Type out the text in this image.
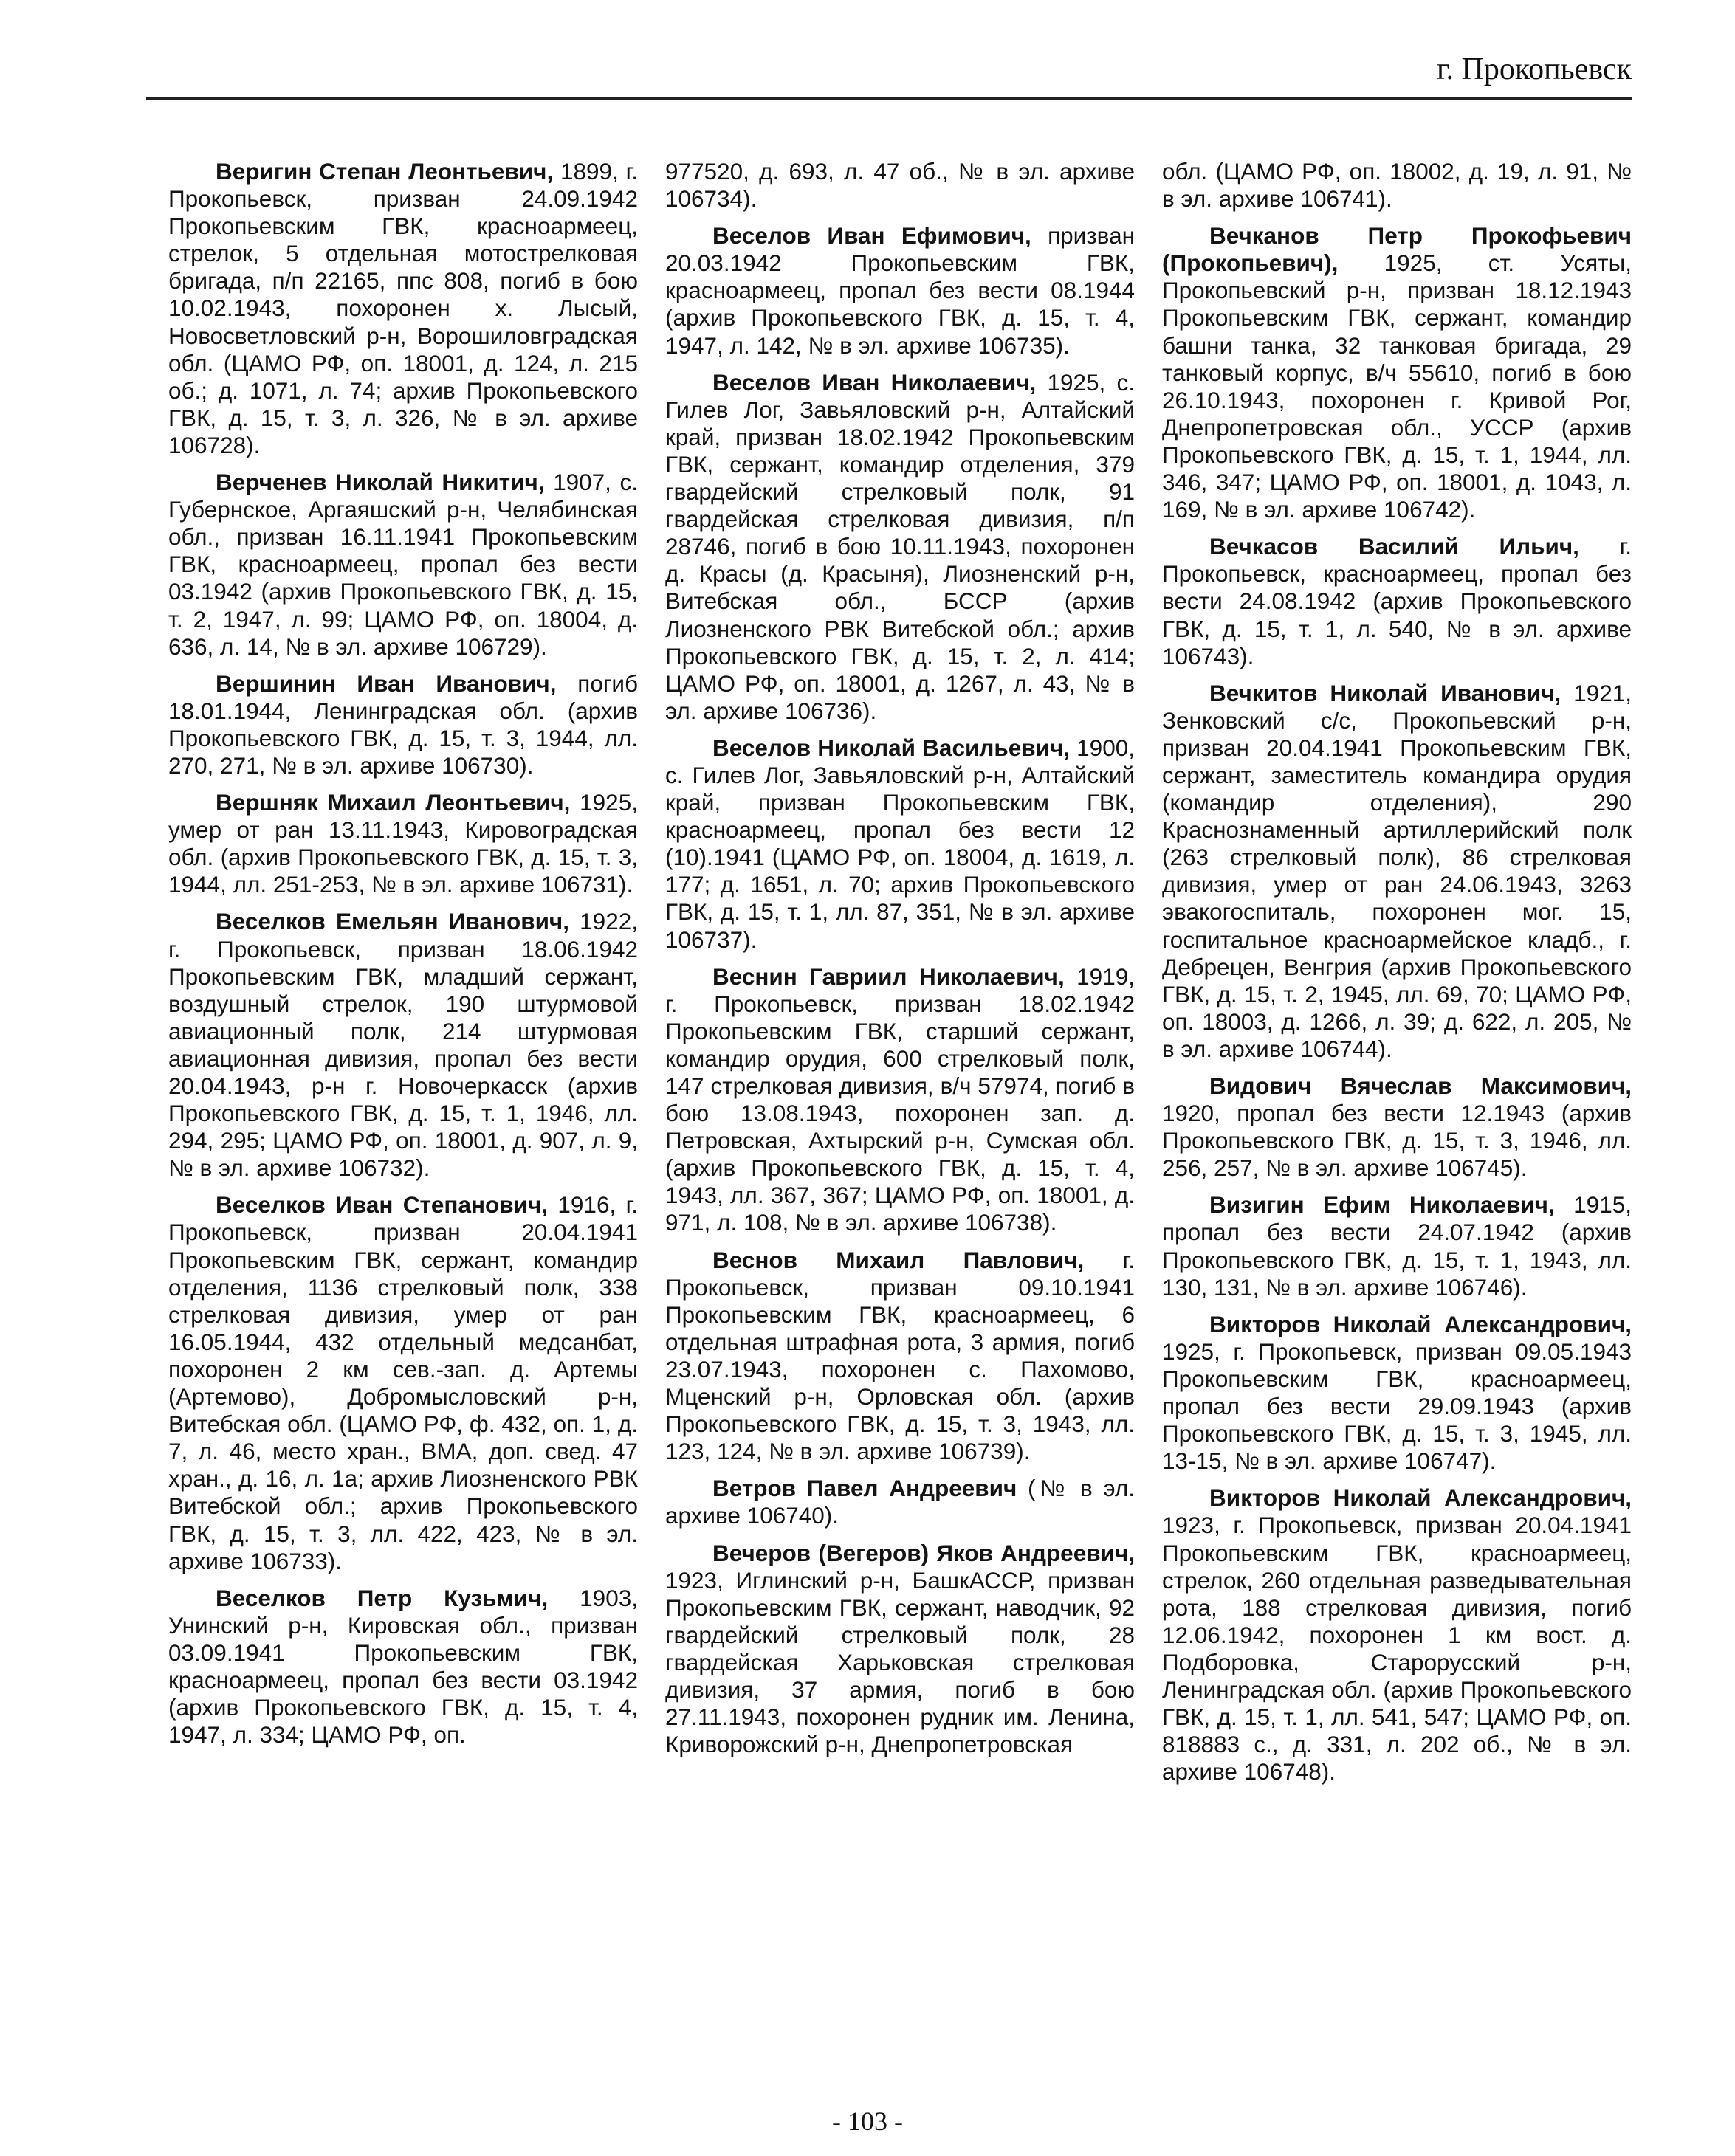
г. Прокопьевск

Веригин Степан Леонтьевич, 1899, г. Прокопьевск, призван 24.09.1942 Прокопьевским ГВК, красноармеец, стрелок, 5 отдельная мотострелковая бригада, п/п 22165, ппс 808, погиб в бою 10.02.1943, похоронен х. Лысый, Новосветловский р-н, Ворошиловградская обл. (ЦАМО РФ, оп. 18001, д. 124, л. 215 об.; д. 1071, л. 74; архив Прокопьевского ГВК, д. 15, т. 3, л. 326, № в эл. архиве 106728).

Верченев Николай Никитич, 1907, с. Губернское, Аргаяшский р-н, Челябинская обл., призван 16.11.1941 Прокопьевским ГВК, красноармеец, пропал без вести 03.1942 (архив Прокопьевского ГВК, д. 15, т. 2, 1947, л. 99; ЦАМО РФ, оп. 18004, д. 636, л. 14, № в эл. архиве 106729).

Вершинин Иван Иванович, погиб 18.01.1944, Ленинградская обл. (архив Прокопьевского ГВК, д. 15, т. 3, 1944, лл. 270, 271, № в эл. архиве 106730).

Вершняк Михаил Леонтьевич, 1925, умер от ран 13.11.1943, Кировоградская обл. (архив Прокопьевского ГВК, д. 15, т. 3, 1944, лл. 251-253, № в эл. архиве 106731).

Веселков Емельян Иванович, 1922, г. Прокопьевск, призван 18.06.1942 Прокопьевским ГВК, младший сержант, воздушный стрелок, 190 штурмовой авиационный полк, 214 штурмовая авиационная дивизия, пропал без вести 20.04.1943, р-н г. Новочеркасск (архив Прокопьевского ГВК, д. 15, т. 1, 1946, лл. 294, 295; ЦАМО РФ, оп. 18001, д. 907, л. 9, № в эл. архиве 106732).

Веселков Иван Степанович, 1916, г. Прокопьевск, призван 20.04.1941 Прокопьевским ГВК, сержант, командир отделения, 1136 стрелковый полк, 338 стрелковая дивизия, умер от ран 16.05.1944, 432 отдельный медсанбат, похоронен 2 км сев.-зап. д. Артемы (Артемово), Добромысловский р-н, Витебская обл. (ЦАМО РФ, ф. 432, оп. 1, д. 7, л. 46, место хран., ВМА, доп. свед. 47 хран., д. 16, л. 1а; архив Лиозненского РВК Витебской обл.; архив Прокопьевского ГВК, д. 15, т. 3, лл. 422, 423, № в эл. архиве 106733).

Веселков Петр Кузьмич, 1903, Унинский р-н, Кировская обл., призван 03.09.1941 Прокопьевским ГВК, красноармеец, пропал без вести 03.1942 (архив Прокопьевского ГВК, д. 15, т. 4, 1947, л. 334; ЦАМО РФ, оп.

977520, д. 693, л. 47 об., № в эл. архиве 106734).

Веселов Иван Ефимович, призван 20.03.1942 Прокопьевским ГВК, красноармеец, пропал без вести 08.1944 (архив Прокопьевского ГВК, д. 15, т. 4, 1947, л. 142, № в эл. архиве 106735).

Веселов Иван Николаевич, 1925, с. Гилев Лог, Завьяловский р-н, Алтайский край, призван 18.02.1942 Прокопьевским ГВК, сержант, командир отделения, 379 гвардейский стрелковый полк, 91 гвардейская стрелковая дивизия, п/п 28746, погиб в бою 10.11.1943, похоронен д. Красы (д. Красыня), Лиозненский р-н, Витебская обл., БССР (архив Лиозненского РВК Витебской обл.; архив Прокопьевского ГВК, д. 15, т. 2, л. 414; ЦАМО РФ, оп. 18001, д. 1267, л. 43, № в эл. архиве 106736).

Веселов Николай Васильевич, 1900, с. Гилев Лог, Завьяловский р-н, Алтайский край, призван Прокопьевским ГВК, красноармеец, пропал без вести 12 (10).1941 (ЦАМО РФ, оп. 18004, д. 1619, л. 177; д. 1651, л. 70; архив Прокопьевского ГВК, д. 15, т. 1, лл. 87, 351, № в эл. архиве 106737).

Веснин Гавриил Николаевич, 1919, г. Прокопьевск, призван 18.02.1942 Прокопьевским ГВК, старший сержант, командир орудия, 600 стрелковый полк, 147 стрелковая дивизия, в/ч 57974, погиб в бою 13.08.1943, похоронен зап. д. Петровская, Ахтырский р-н, Сумская обл. (архив Прокопьевского ГВК, д. 15, т. 4, 1943, лл. 367, 367; ЦАМО РФ, оп. 18001, д. 971, л. 108, № в эл. архиве 106738).

Веснов Михаил Павлович, г. Прокопьевск, призван 09.10.1941 Прокопьевским ГВК, красноармеец, 6 отдельная штрафная рота, 3 армия, погиб 23.07.1943, похоронен с. Пахомово, Мценский р-н, Орловская обл. (архив Прокопьевского ГВК, д. 15, т. 3, 1943, лл. 123, 124, № в эл. архиве 106739).

Ветров Павел Андреевич (№ в эл. архиве 106740).

Вечеров (Вегеров) Яков Андреевич, 1923, Иглинский р-н, БашкАССР, призван Прокопьевским ГВК, сержант, наводчик, 92 гвардейский стрелковый полк, 28 гвардейская Харьковская стрелковая дивизия, 37 армия, погиб в бою 27.11.1943, похоронен рудник им. Ленина, Криворожский р-н, Днепропетровская

обл. (ЦАМО РФ, оп. 18002, д. 19, л. 91, № в эл. архиве 106741).

Вечканов Петр Прокофьевич (Прокопьевич), 1925, ст. Усяты, Прокопьевский р-н, призван 18.12.1943 Прокопьевским ГВК, сержант, командир башни танка, 32 танковая бригада, 29 танковый корпус, в/ч 55610, погиб в бою 26.10.1943, похоронен г. Кривой Рог, Днепропетровская обл., УССР (архив Прокопьевского ГВК, д. 15, т. 1, 1944, лл. 346, 347; ЦАМО РФ, оп. 18001, д. 1043, л. 169, № в эл. архиве 106742).

Вечкасов Василий Ильич, г. Прокопьевск, красноармеец, пропал без вести 24.08.1942 (архив Прокопьевского ГВК, д. 15, т. 1, л. 540, № в эл. архиве 106743).

Вечкитов Николай Иванович, 1921, Зенковский с/с, Прокопьевский р-н, призван 20.04.1941 Прокопьевским ГВК, сержант, заместитель командира орудия (командир отделения), 290 Краснознаменный артиллерийский полк (263 стрелковый полк), 86 стрелковая дивизия, умер от ран 24.06.1943, 3263 эвакогоспиталь, похоронен мог. 15, госпитальное красноармейское кладб., г. Дебрецен, Венгрия (архив Прокопьевского ГВК, д. 15, т. 2, 1945, лл. 69, 70; ЦАМО РФ, оп. 18003, д. 1266, л. 39; д. 622, л. 205, № в эл. архиве 106744).

Видович Вячеслав Максимович, 1920, пропал без вести 12.1943 (архив Прокопьевского ГВК, д. 15, т. 3, 1946, лл. 256, 257, № в эл. архиве 106745).

Визигин Ефим Николаевич, 1915, пропал без вести 24.07.1942 (архив Прокопьевского ГВК, д. 15, т. 1, 1943, лл. 130, 131, № в эл. архиве 106746).

Викторов Николай Александрович, 1925, г. Прокопьевск, призван 09.05.1943 Прокопьевским ГВК, красноармеец, пропал без вести 29.09.1943 (архив Прокопьевского ГВК, д. 15, т. 3, 1945, лл. 13-15, № в эл. архиве 106747).

Викторов Николай Александрович, 1923, г. Прокопьевск, призван 20.04.1941 Прокопьевским ГВК, красноармеец, стрелок, 260 отдельная разведывательная рота, 188 стрелковая дивизия, погиб 12.06.1942, похоронен 1 км вост. д. Подборовка, Старорусский р-н, Ленинградская обл. (архив Прокопьевского ГВК, д. 15, т. 1, лл. 541, 547; ЦАМО РФ, оп. 818883 с., д. 331, л. 202 об., № в эл. архиве 106748).

- 103 -
